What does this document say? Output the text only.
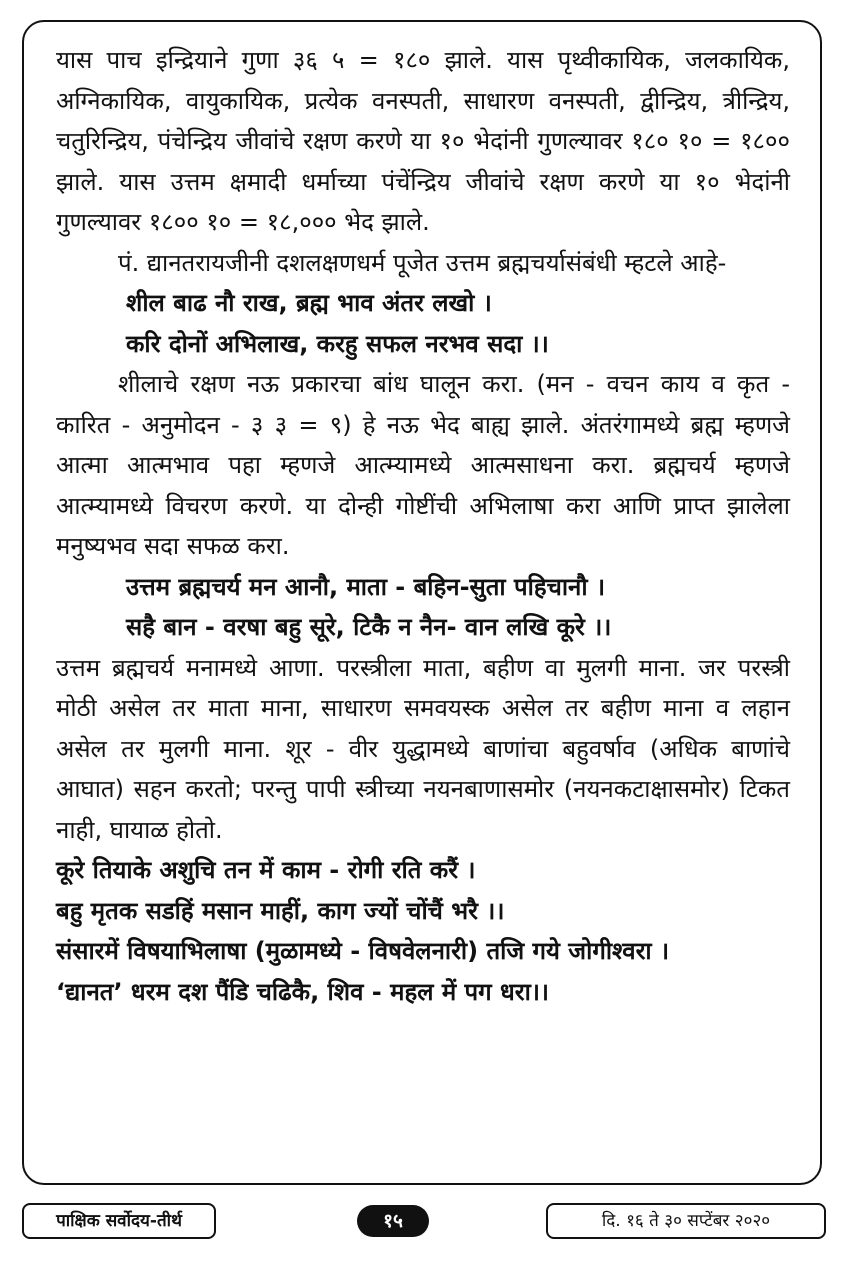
यास पाच इन्द्रियाने गुणा ३६ ५ = १८० झाले. यास पृथ्वीकायिक, जलकायिक, अग्निकायिक, वायुकायिक, प्रत्येक वनस्पती, साधारण वनस्पती, द्वीन्द्रिय, त्रीन्द्रिय, चतुरिन्द्रिय, पंचेन्द्रिय जीवांचे रक्षण करणे या १० भेदांनी गुणल्यावर १८० १० = १८०० झाले. यास उत्तम क्षमादी धर्माच्या पंचेंन्द्रिय जीवांचे रक्षण करणे या १० भेदांनी गुणल्यावर १८०० १० = १८,००० भेद झाले.

पं. द्यानतरायजीनी दशलक्षणधर्म पूजेत उत्तम ब्रह्मचर्यासंबंधी म्हटले आहे-

शील बाढ नौ राख, ब्रह्म भाव अंतर लखो ।

करि दोनों अभिलाख, करहु सफल नरभव सदा ।।

शीलाचे रक्षण नऊ प्रकारचा बांध घालून करा. (मन - वचन काय व कृत - कारित - अनुमोदन - ३ ३ = ९) हे नऊ भेद बाह्य झाले. अंतरंगामध्ये ब्रह्म म्हणजे आत्मा आत्मभाव पहा म्हणजे आत्म्यामध्ये आत्मसाधना करा. ब्रह्मचर्य म्हणजे आत्म्यामध्ये विचरण करणे. या दोन्ही गोष्टींची अभिलाषा करा आणि प्राप्त झालेला मनुष्यभव सदा सफळ करा.

उत्तम ब्रह्मचर्य मन आनौ, माता - बहिन-सुता पहिचानौ ।

सहै बान - वरषा बहु सूरे, टिकै न नैन- वान लखि कूरे ।।

उत्तम ब्रह्मचर्य मनामध्ये आणा. परस्त्रीला माता, बहीण वा मुलगी माना. जर परस्त्री मोठी असेल तर माता माना, साधारण समवयस्क असेल तर बहीण माना व लहान असेल तर मुलगी माना. शूर - वीर युद्धामध्ये बाणांचा बहुवर्षाव (अधिक बाणांचे आघात) सहन करतो; परन्तु पापी स्त्रीच्या नयनबाणासमोर (नयनकटाक्षासमोर) टिकत नाही, घायाळ होतो.

कूरे तियाके अशुचि तन में काम - रोगी रति करैं ।

बहु मृतक सडहिं मसान माहीं, काग ज्यों चोंचैं भरै ।।

संसारमें विषयाभिलाषा (मुळामध्ये - विषवेलनारी) तजि गये जोगीश्वरा ।

‘द्यानत’ धरम दश पैंडि चढिकै, शिव - महल में पग धरा।।

पाक्षिक सर्वोदय-तीर्थ	१५	दि. १६ ते ३० सप्टेंबर २०२०
